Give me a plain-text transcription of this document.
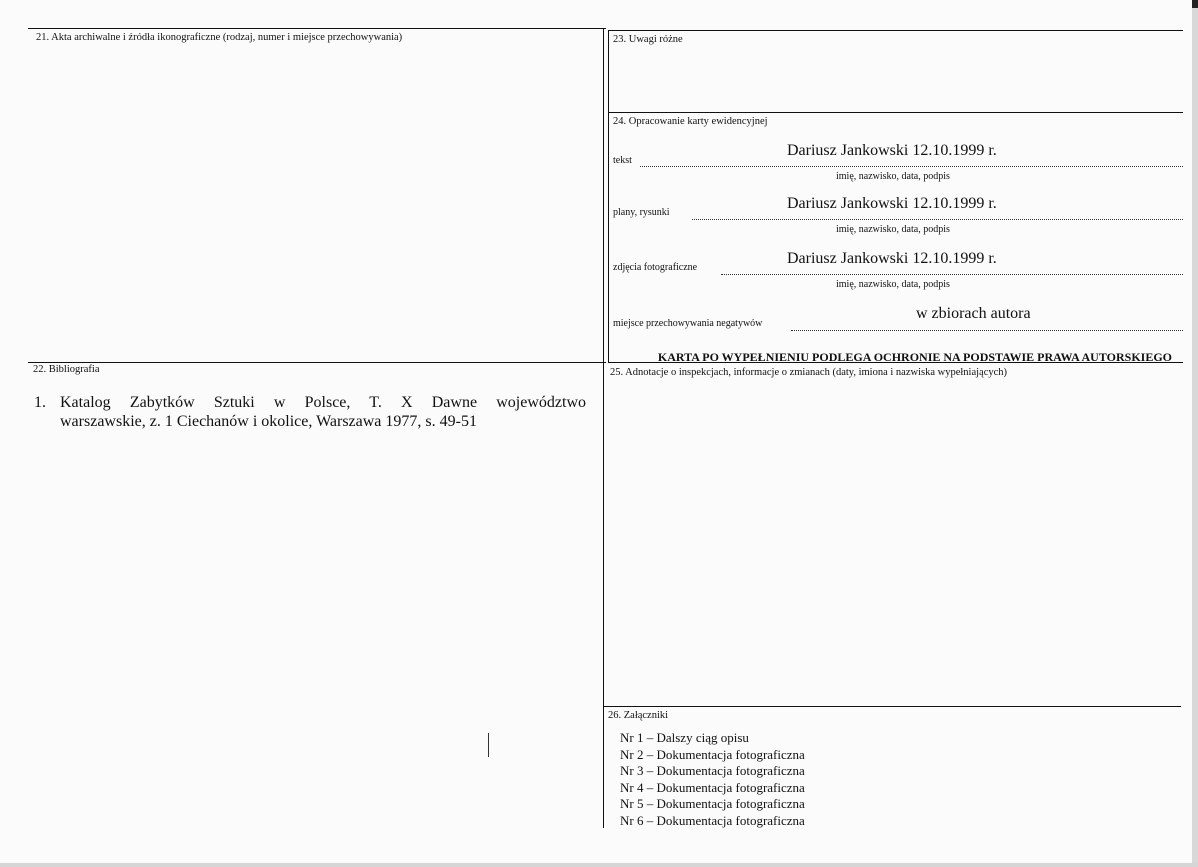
21. Akta archiwalne i źródła ikonograficzne (rodzaj, numer i miejsce przechowywania)	23. Uwagi różne
24. Opracowanie karty ewidencyjnej
tekst
Dariusz Jankowski 12.10.1999 r.
imię, nazwisko, data, podpis
plany, rysunki
Dariusz Jankowski 12.10.1999 r.
imię, nazwisko, data, podpis
zdjęcia fotograficzne
Dariusz Jankowski 12.10.1999 r.
imię, nazwisko, data, podpis
miejsce przechowywania negatywów
w zbiorach autora
KARTA PO WYPEŁNIENIU PODLEGA OCHRONIE NA PODSTAWIE PRAWA AUTORSKIEGO
22. Bibliografia
1. Katalog Zabytków Sztuki w Polsce, T. X Dawne województwo
warszawskie, z. 1 Ciechanów i okolice, Warszawa 1977, s. 49-51
25. Adnotacje o inspekcjach, informacje o zmianach (daty, imiona i nazwiska wypełniających)
26. Załączniki
Nr 1 – Dalszy ciąg opisu
Nr 2 – Dokumentacja fotograficzna
Nr 3 – Dokumentacja fotograficzna
Nr 4 – Dokumentacja fotograficzna
Nr 5 – Dokumentacja fotograficzna
Nr 6 – Dokumentacja fotograficzna
